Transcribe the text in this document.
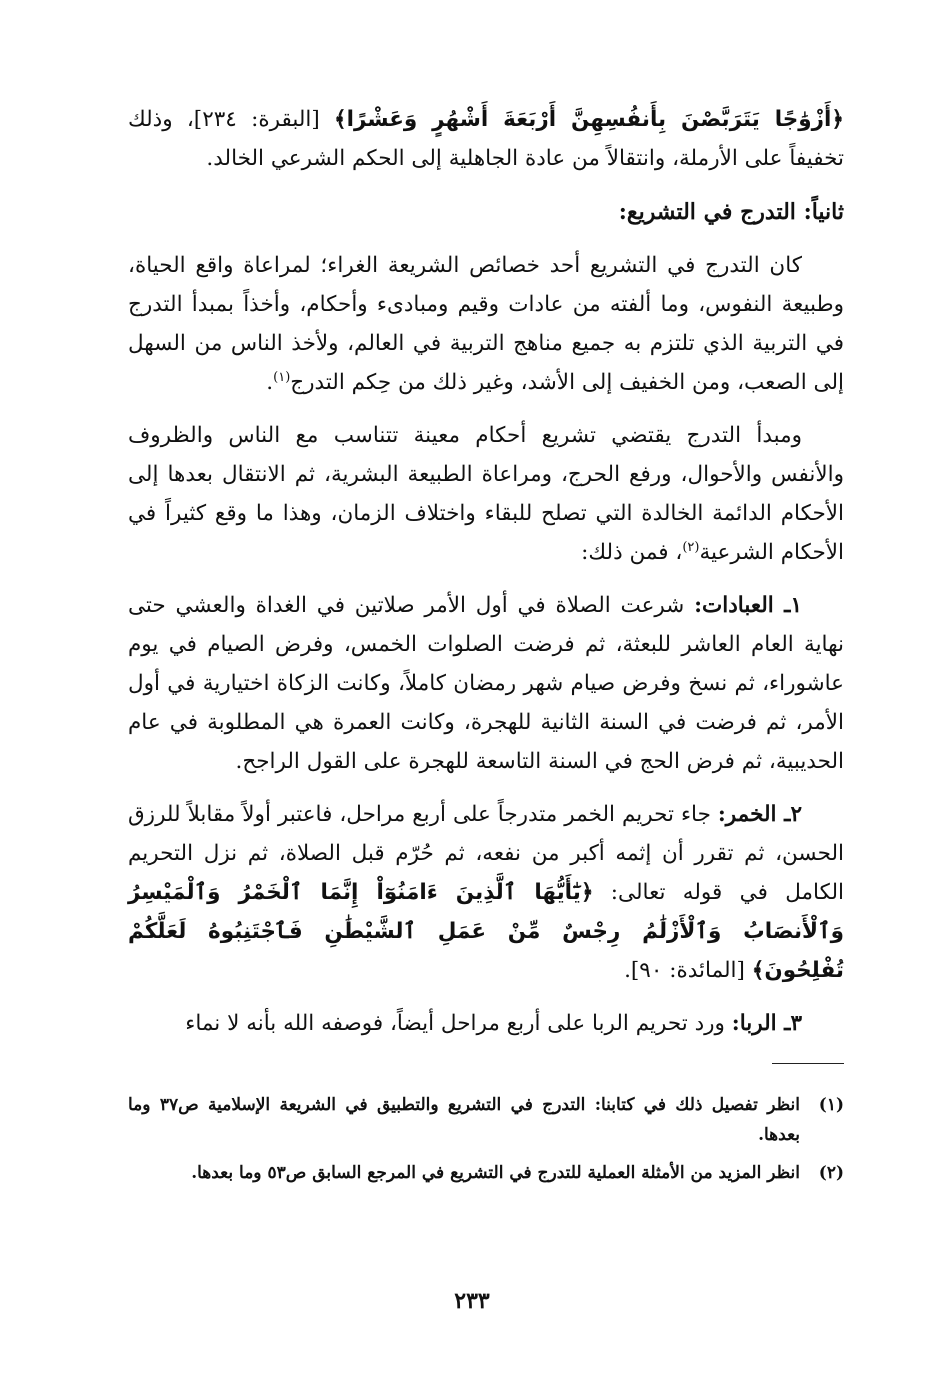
﴿أَزْوَٰجًا يَتَرَبَّصْنَ بِأَنفُسِهِنَّ أَرْبَعَةَ أَشْهُرٍ وَعَشْرًا﴾ [البقرة: ٢٣٤]، وذلك تخفيفاً على الأرملة، وانتقالاً من عادة الجاهلية إلى الحكم الشرعي الخالد.

ثانياً: التدرج في التشريع:

كان التدرج في التشريع أحد خصائص الشريعة الغراء؛ لمراعاة واقع الحياة، وطبيعة النفوس، وما ألفته من عادات وقيم ومبادىء وأحكام، وأخذاً بمبدأ التدرج في التربية الذي تلتزم به جميع مناهج التربية في العالم، ولأخذ الناس من السهل إلى الصعب، ومن الخفيف إلى الأشد، وغير ذلك من حِكم التدرج$^{(١)}$.

ومبدأ التدرج يقتضي تشريع أحكام معينة تتناسب مع الناس والظروف والأنفس والأحوال، ورفع الحرج، ومراعاة الطبيعة البشرية، ثم الانتقال بعدها إلى الأحكام الدائمة الخالدة التي تصلح للبقاء واختلاف الزمان، وهذا ما وقع كثيراً في الأحكام الشرعية$^{(٢)}$، فمن ذلك:

١ـ العبادات: شرعت الصلاة في أول الأمر صلاتين في الغداة والعشي حتى نهاية العام العاشر للبعثة، ثم فرضت الصلوات الخمس، وفرض الصيام في يوم عاشوراء، ثم نسخ وفرض صيام شهر رمضان كاملاً، وكانت الزكاة اختيارية في أول الأمر، ثم فرضت في السنة الثانية للهجرة، وكانت العمرة هي المطلوبة في عام الحديبية، ثم فرض الحج في السنة التاسعة للهجرة على القول الراجح.

٢ـ الخمر: جاء تحريم الخمر متدرجاً على أربع مراحل، فاعتبر أولاً مقابلاً للرزق الحسن، ثم تقرر أن إثمه أكبر من نفعه، ثم حُرّم قبل الصلاة، ثم نزل التحريم الكامل في قوله تعالى: ﴿يَٰٓأَيُّهَا ٱلَّذِينَ ءَامَنُوٓاْ إِنَّمَا ٱلْخَمْرُ وَٱلْمَيْسِرُ وَٱلْأَنصَابُ وَٱلْأَزْلَٰمُ رِجْسٌ مِّنْ عَمَلِ ٱلشَّيْطَٰنِ فَٱجْتَنِبُوهُ لَعَلَّكُمْ تُفْلِحُونَ﴾ [المائدة: ٩٠].

٣ـ الربا: ورد تحريم الربا على أربع مراحل أيضاً، فوصفه الله بأنه لا نماء

(١)
انظر تفصيل ذلك في كتابنا: التدرج في التشريع والتطبيق في الشريعة الإسلامية ص٣٧ وما بعدها.
(٢)
انظر المزيد من الأمثلة العملية للتدرج في التشريع في المرجع السابق ص٥٣ وما بعدها.
٢٣٣
